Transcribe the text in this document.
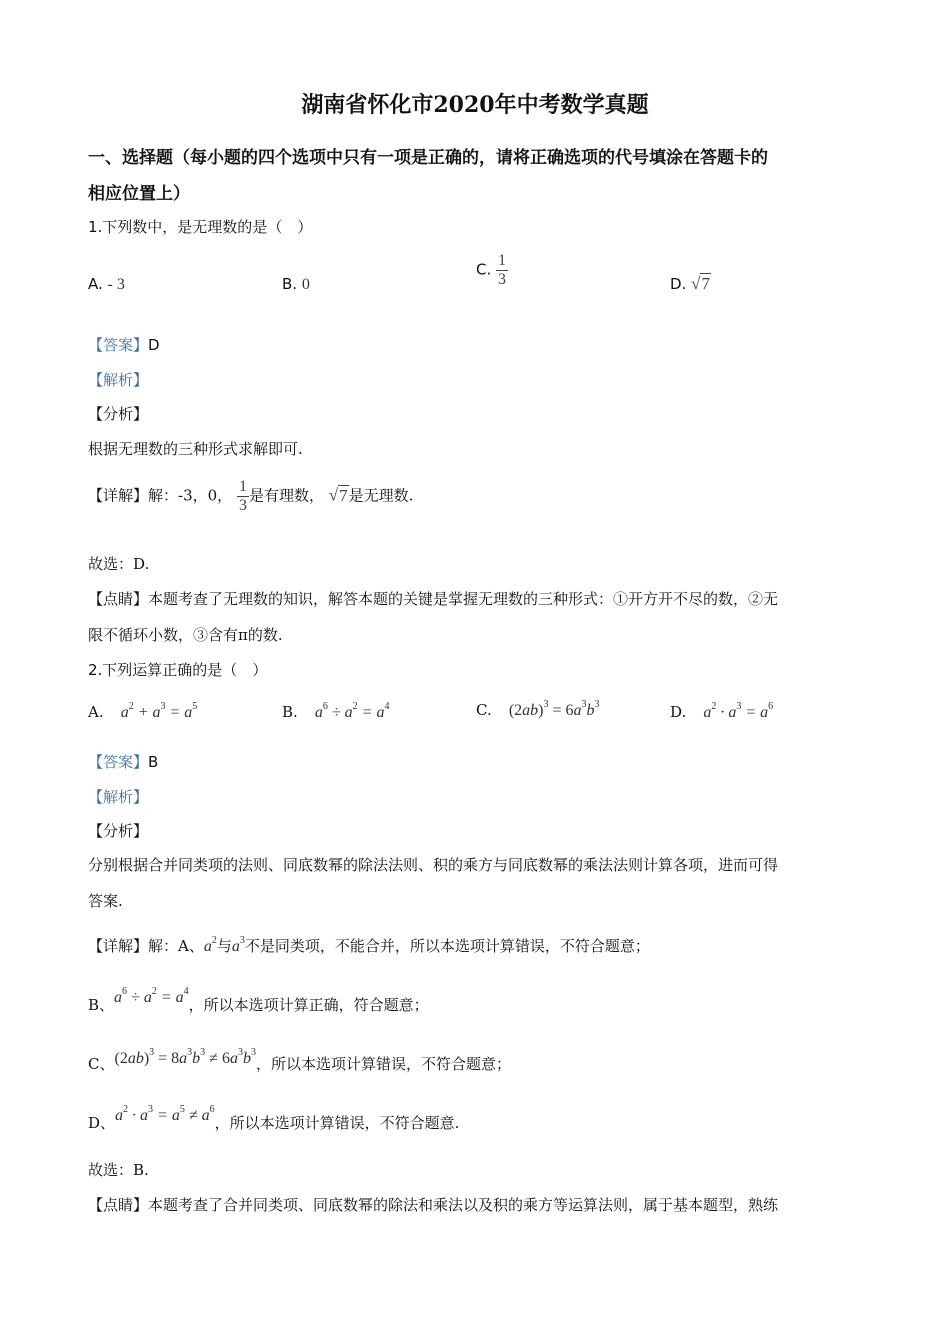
湖南省怀化市2020年中考数学真题
一、选择题（每小题的四个选项中只有一项是正确的，请将正确选项的代号填涂在答题卡的
相应位置上）
1.下列数中，是无理数的是（　）
A. - 3	B. 0
C. $\frac{1}{3}$	D. √7
【答案】D
【解析】
【分析】
根据无理数的三种形式求解即可.
【详解】解：-3，0， $\frac{1}{3}$ 是有理数， √7是无理数.
故选：D.
【点睛】本题考查了无理数的知识，解答本题的关键是掌握无理数的三种形式：①开方开不尽的数，②无
限不循环小数，③含有π的数.
2.下列运算正确的是（　）
A. $a^2 + a^3 = a^5$	B. $a^6 \div a^2 = a^4$	C. $(2ab)^3 = 6a^3b^3$	D. $a^2 \cdot a^3 = a^6$
【答案】B
【解析】
【分析】
分别根据合并同类项的法则、同底数幂的除法法则、积的乘方与同底数幂的乘法法则计算各项，进而可得
答案.
【详解】解：A、$a^2$与$a^3$不是同类项，不能合并，所以本选项计算错误，不符合题意；
B、$a^6 \div a^2 = a^4$，所以本选项计算正确，符合题意；
C、$(2ab)^3 = 8a^3b^3 \ne 6a^3b^3$，所以本选项计算错误，不符合题意；
D、$a^2 \cdot a^3 = a^5 \ne a^6$，所以本选项计算错误，不符合题意.
故选：B.
【点睛】本题考查了合并同类项、同底数幂的除法和乘法以及积的乘方等运算法则，属于基本题型，熟练
